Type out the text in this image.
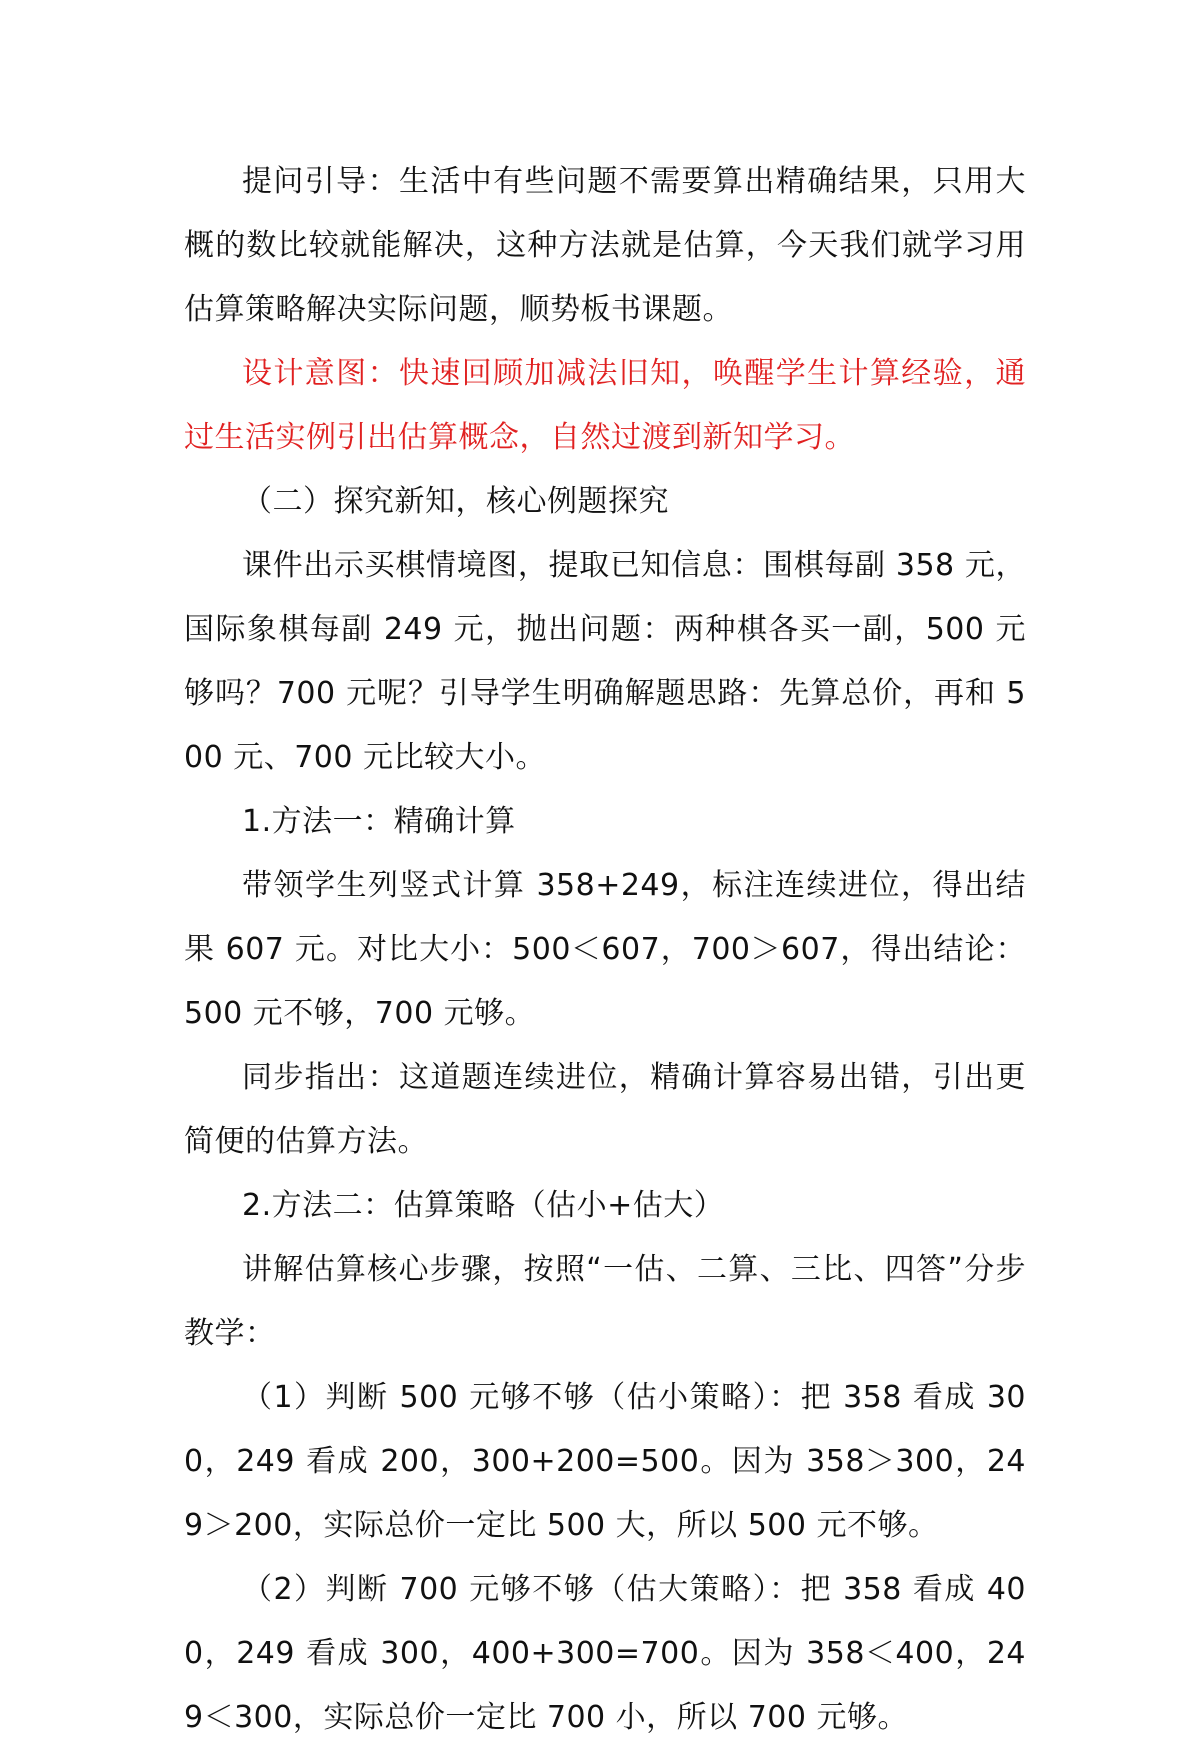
提问引导：生活中有些问题不需要算出精确结果，只用大概的数比较就能解决，这种方法就是估算，今天我们就学习用估算策略解决实际问题，顺势板书课题。

设计意图：快速回顾加减法旧知，唤醒学生计算经验，通过生活实例引出估算概念，自然过渡到新知学习。

（二）探究新知，核心例题探究

课件出示买棋情境图，提取已知信息：围棋每副 358 元，国际象棋每副 249 元，抛出问题：两种棋各买一副，500 元够吗？700 元呢？引导学生明确解题思路：先算总价，再和 500 元、700 元比较大小。

1.方法一：精确计算

带领学生列竖式计算 358+249，标注连续进位，得出结果 607 元。对比大小：500＜607，700＞607，得出结论：500 元不够，700 元够。

同步指出：这道题连续进位，精确计算容易出错，引出更简便的估算方法。

2.方法二：估算策略（估小+估大）

讲解估算核心步骤，按照“一估、二算、三比、四答”分步教学：

（1）判断 500 元够不够（估小策略）：把 358 看成 300，249 看成 200，300+200=500。因为 358＞300，249＞200，实际总价一定比 500 大，所以 500 元不够。

（2）判断 700 元够不够（估大策略）：把 358 看成 400，249 看成 300，400+300=700。因为 358＜400，249＜300，实际总价一定比 700 小，所以 700 元够。
